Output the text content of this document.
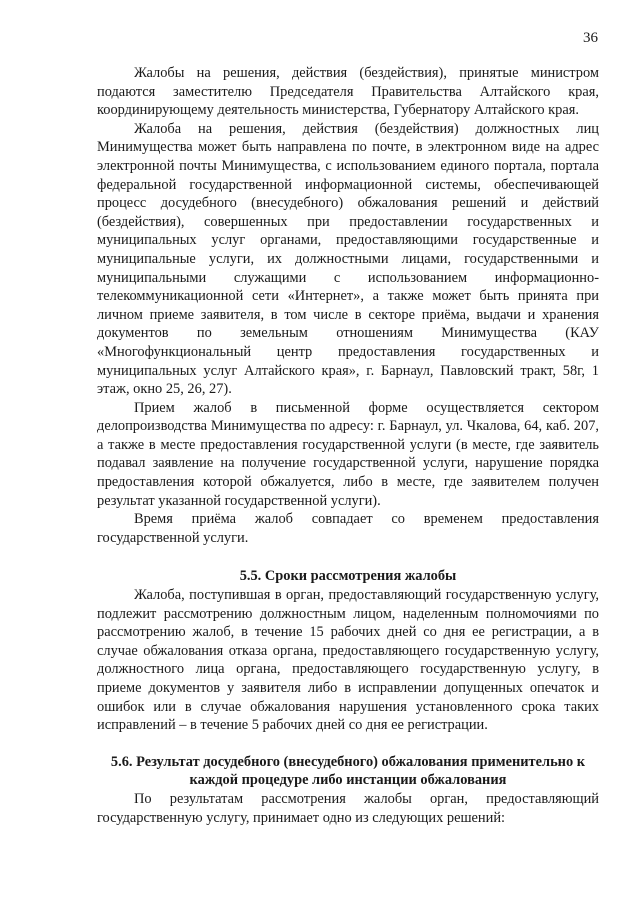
36

Жалобы на решения, действия (бездействия), принятые министром подаются заместителю Председателя Правительства Алтайского края, координирующему деятельность министерства, Губернатору Алтайского края.

Жалоба на решения, действия (бездействия) должностных лиц Минимущества может быть направлена по почте, в электронном виде на адрес электронной почты Минимущества, с использованием единого портала, портала федеральной государственной информационной системы, обеспечивающей процесс досудебного (внесудебного) обжалования решений и действий (бездействия), совершенных при предоставлении государственных и муниципальных услуг органами, предоставляющими государственные и муниципальные услуги, их должностными лицами, государственными и муниципальными служащими с использованием информационно-телекоммуникационной сети «Интернет», а также может быть принята при личном приеме заявителя, в том числе в секторе приёма, выдачи и хранения документов по земельным отношениям Минимущества (КАУ «Многофункциональный центр предоставления государственных и муниципальных услуг Алтайского края», г. Барнаул, Павловский тракт, 58г, 1 этаж, окно 25, 26, 27).

Прием жалоб в письменной форме осуществляется сектором делопроизводства Минимущества по адресу: г. Барнаул, ул. Чкалова, 64, каб. 207, а также в месте предоставления государственной услуги (в месте, где заявитель подавал заявление на получение государственной услуги, нарушение порядка предоставления которой обжалуется, либо в месте, где заявителем получен результат указанной государственной услуги).

Время приёма жалоб совпадает со временем предоставления государственной услуги.

5.5. Сроки рассмотрения жалобы

Жалоба, поступившая в орган, предоставляющий государственную услугу, подлежит рассмотрению должностным лицом, наделенным полномочиями по рассмотрению жалоб, в течение 15 рабочих дней со дня ее регистрации, а в случае обжалования отказа органа, предоставляющего государственную услугу, должностного лица органа, предоставляющего государственную услугу, в приеме документов у заявителя либо в исправлении допущенных опечаток и ошибок или в случае обжалования нарушения установленного срока таких исправлений – в течение 5 рабочих дней со дня ее регистрации.

5.6. Результат досудебного (внесудебного) обжалования применительно к каждой процедуре либо инстанции обжалования

По результатам рассмотрения жалобы орган, предоставляющий государственную услугу, принимает одно из следующих решений:
